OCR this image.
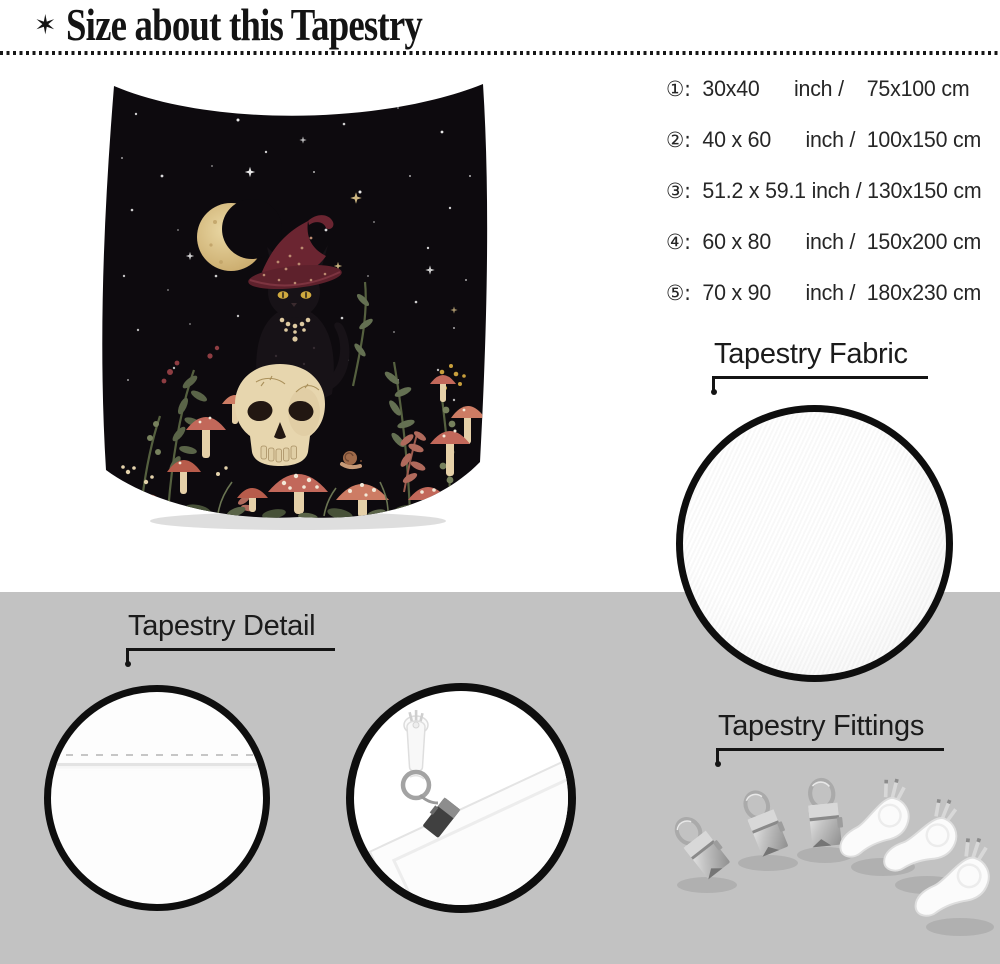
✶ Size about this Tapestry
①: 30x40      inch /    75x100 cm
②: 40 x 60      inch /  100x150 cm
③: 51.2 x 59.1 inch / 130x150 cm
④: 60 x 80      inch /  150x200 cm
⑤: 70 x 90      inch /  180x230 cm
Tapestry Fabric
Tapestry Detail
Tapestry Fittings
